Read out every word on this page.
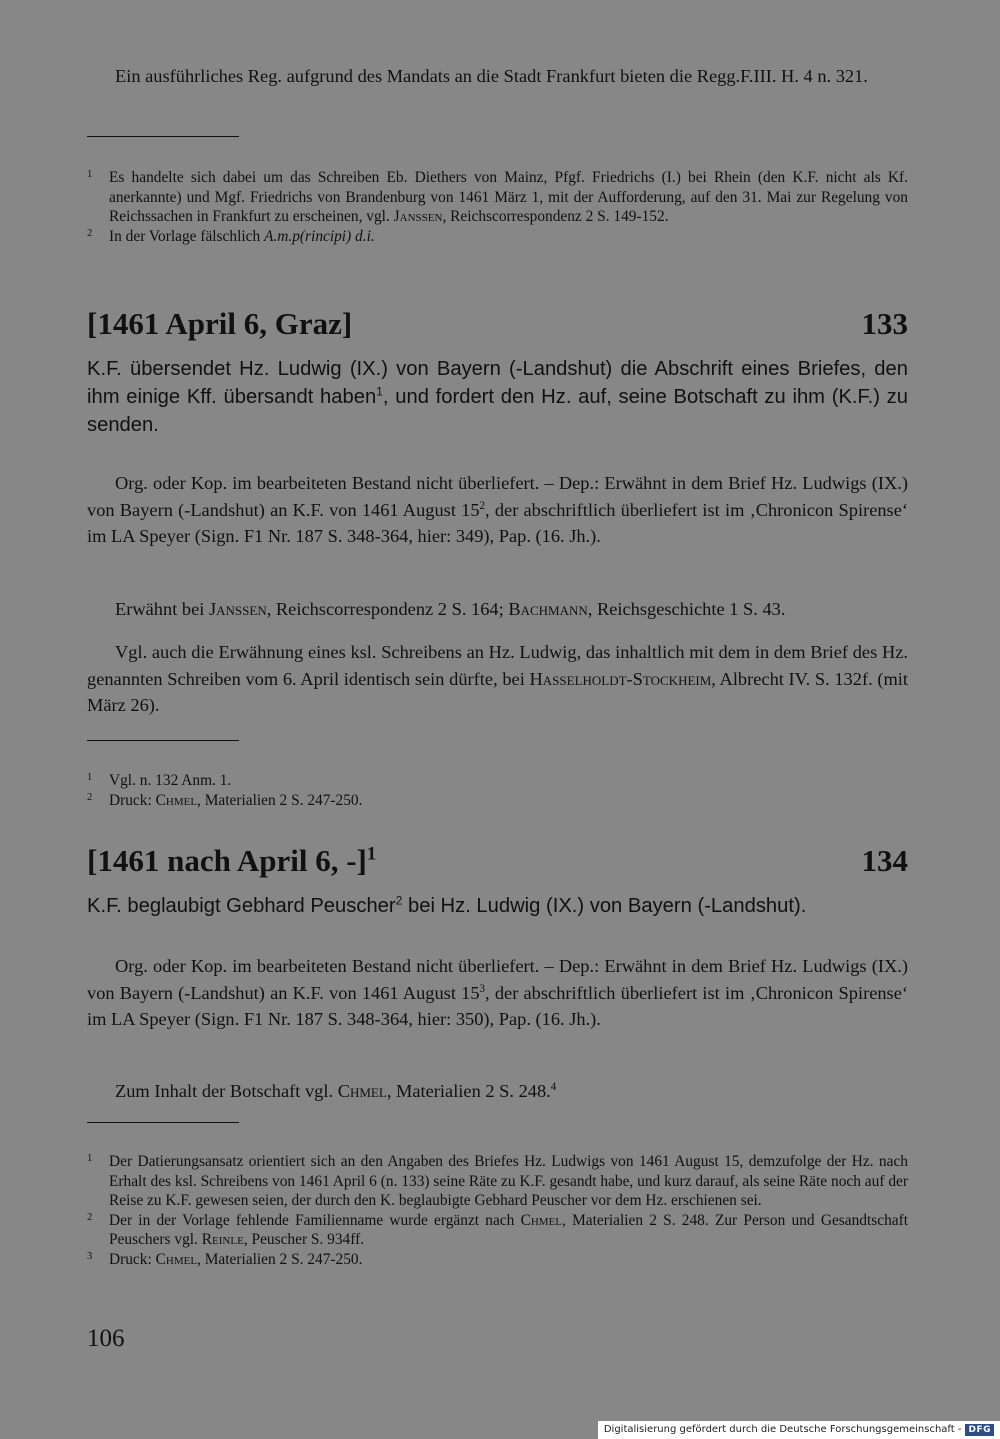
Ein ausführliches Reg. aufgrund des Mandats an die Stadt Frankfurt bieten die Regg.F.III. H. 4 n. 321.

1 Es handelte sich dabei um das Schreiben Eb. Diethers von Mainz, Pfgf. Friedrichs (I.) bei Rhein (den K.F. nicht als Kf. anerkannte) und Mgf. Friedrichs von Brandenburg von 1461 März 1, mit der Aufforderung, auf den 31. Mai zur Regelung von Reichssachen in Frankfurt zu erscheinen, vgl. Janssen, Reichscorrespondenz 2 S. 149-152.
2 In der Vorlage fälschlich A.m.p(rincipi) d.i.
[1461 April 6, Graz]	133

K.F. übersendet Hz. Ludwig (IX.) von Bayern (-Landshut) die Abschrift eines Briefes, den ihm einige Kff. übersandt haben$^1$, und fordert den Hz. auf, seine Botschaft zu ihm (K.F.) zu senden.

Org. oder Kop. im bearbeiteten Bestand nicht überliefert. – Dep.: Erwähnt in dem Brief Hz. Ludwigs (IX.) von Bayern (-Landshut) an K.F. von 1461 August $15^2$, der abschriftlich überliefert ist im ‚Chronicon Spirense‘ im LA Speyer (Sign. F1 Nr. 187 S. 348-364, hier: 349), Pap. (16. Jh.).

Erwähnt bei Janssen, Reichscorrespondenz 2 S. 164; Bachmann, Reichsgeschichte 1 S. 43.

Vgl. auch die Erwähnung eines ksl. Schreibens an Hz. Ludwig, das inhaltlich mit dem in dem Brief des Hz. genannten Schreiben vom 6. April identisch sein dürfte, bei Hasselholdt-Stockheim, Albrecht IV. S. 132f. (mit März 26).

1 Vgl. n. 132 Anm. 1.
2 Druck: Chmel, Materialien 2 S. 247-250.
[1461 nach April 6, -]$^1$	134

K.F. beglaubigt Gebhard Peuscher$^2$ bei Hz. Ludwig (IX.) von Bayern (-Landshut).

Org. oder Kop. im bearbeiteten Bestand nicht überliefert. – Dep.: Erwähnt in dem Brief Hz. Ludwigs (IX.) von Bayern (-Landshut) an K.F. von 1461 August $15^3$, der abschriftlich überliefert ist im ‚Chronicon Spirense‘ im LA Speyer (Sign. F1 Nr. 187 S. 348-364, hier: 350), Pap. (16. Jh.).

Zum Inhalt der Botschaft vgl. Chmel, Materialien 2 S. 248.$^4$

1 Der Datierungsansatz orientiert sich an den Angaben des Briefes Hz. Ludwigs von 1461 August 15, demzufolge der Hz. nach Erhalt des ksl. Schreibens von 1461 April 6 (n. 133) seine Räte zu K.F. gesandt habe, und kurz darauf, als seine Räte noch auf der Reise zu K.F. gewesen seien, der durch den K. beglaubigte Gebhard Peuscher vor dem Hz. erschienen sei.
2 Der in der Vorlage fehlende Familienname wurde ergänzt nach Chmel, Materialien 2 S. 248. Zur Person und Gesandtschaft Peuschers vgl. Reinle, Peuscher S. 934ff.
3 Druck: Chmel, Materialien 2 S. 247-250.
106
Digitalisierung gefördert durch die Deutsche Forschungsgemeinschaft - DFG
